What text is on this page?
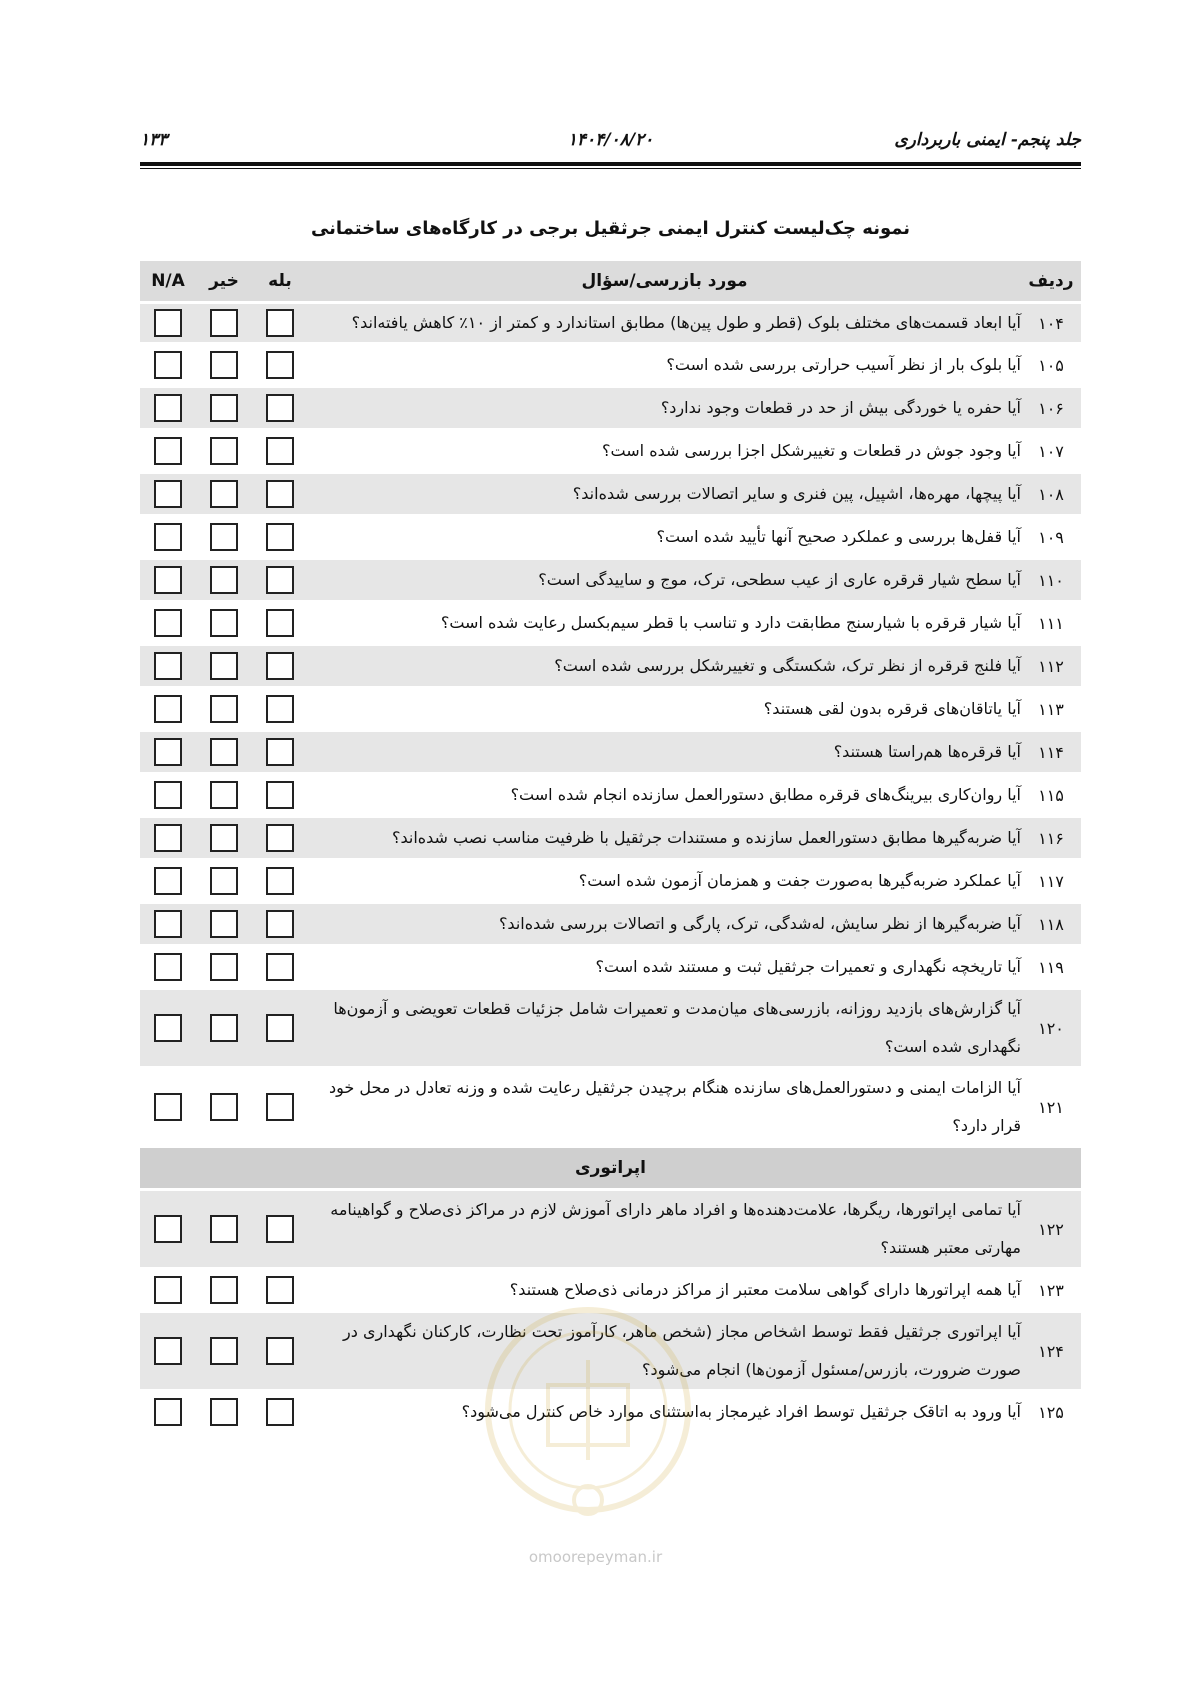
جلد پنجم- ایمنی باربرداری
۱۴۰۴/۰۸/۲۰
۱۳۳
نمونه چک‌لیست کنترل ایمنی جرثقیل برجی در کارگاه‌های ساختمانی
ردیف	مورد بازرسی/سؤال	بله	خیر	N/A
۱۰۴	آیا ابعاد قسمت‌های مختلف بلوک (قطر و طول پین‌ها) مطابق استاندارد و کمتر از ۱۰٪ کاهش یافته‌اند؟			
۱۰۵	آیا بلوک بار از نظر آسیب حرارتی بررسی شده است؟			
۱۰۶	آیا حفره یا خوردگی بیش از حد در قطعات وجود ندارد؟			
۱۰۷	آیا وجود جوش در قطعات و تغییرشکل اجزا بررسی شده است؟			
۱۰۸	آیا پیچها، مهره‌ها، اشپیل، پین فنری و سایر اتصالات بررسی شده‌اند؟			
۱۰۹	آیا قفل‌ها بررسی و عملکرد صحیح آنها تأیید شده است؟			
۱۱۰	آیا سطح شیار قرقره عاری از عیب سطحی، ترک، موج و ساییدگی است؟			
۱۱۱	آیا شیار قرقره با شیارسنج مطابقت دارد و تناسب با قطر سیم‌بکسل رعایت شده است؟			
۱۱۲	آیا فلنج قرقره از نظر ترک، شکستگی و تغییرشکل بررسی شده است؟			
۱۱۳	آیا یاتاقان‌های قرقره بدون لقی هستند؟			
۱۱۴	آیا قرقره‌ها هم‌راستا هستند؟			
۱۱۵	آیا روان‌کاری بیرینگ‌های قرقره مطابق دستورالعمل سازنده انجام شده است؟			
۱۱۶	آیا ضربه‌گیرها مطابق دستورالعمل سازنده و مستندات جرثقیل با ظرفیت مناسب نصب شده‌اند؟			
۱۱۷	آیا عملکرد ضربه‌گیرها به‌صورت جفت و همزمان آزمون شده است؟			
۱۱۸	آیا ضربه‌گیرها از نظر سایش، له‌شدگی، ترک، پارگی و اتصالات بررسی شده‌اند؟			
۱۱۹	آیا تاریخچه نگهداری و تعمیرات جرثقیل ثبت و مستند شده است؟			
۱۲۰	آیا گزارش‌های بازدید روزانه، بازرسی‌های میان‌مدت و تعمیرات شامل جزئیات قطعات تعویضی و آزمون‌ها نگهداری شده است؟			
۱۲۱	آیا الزامات ایمنی و دستورالعمل‌های سازنده هنگام برچیدن جرثقیل رعایت شده و وزنه تعادل در محل خود قرار دارد؟			
اپراتوری				
۱۲۲	آیا تمامی اپراتورها، ریگرها، علامت‌دهنده‌ها و افراد ماهر دارای آموزش لازم در مراکز ذی‌صلاح و گواهینامه مهارتی معتبر هستند؟			
۱۲۳	آیا همه اپراتورها دارای گواهی سلامت معتبر از مراکز درمانی ذی‌صلاح هستند؟			
۱۲۴	آیا اپراتوری جرثقیل فقط توسط اشخاص مجاز (شخص ماهر، کارآموز تحت نظارت، کارکنان نگهداری در صورت ضرورت، بازرس/مسئول آزمون‌ها) انجام می‌شود؟			
۱۲۵	آیا ورود به اتاقک جرثقیل توسط افراد غیرمجاز به‌استثنای موارد خاص کنترل می‌شود؟			
omoorepeyman.ir
